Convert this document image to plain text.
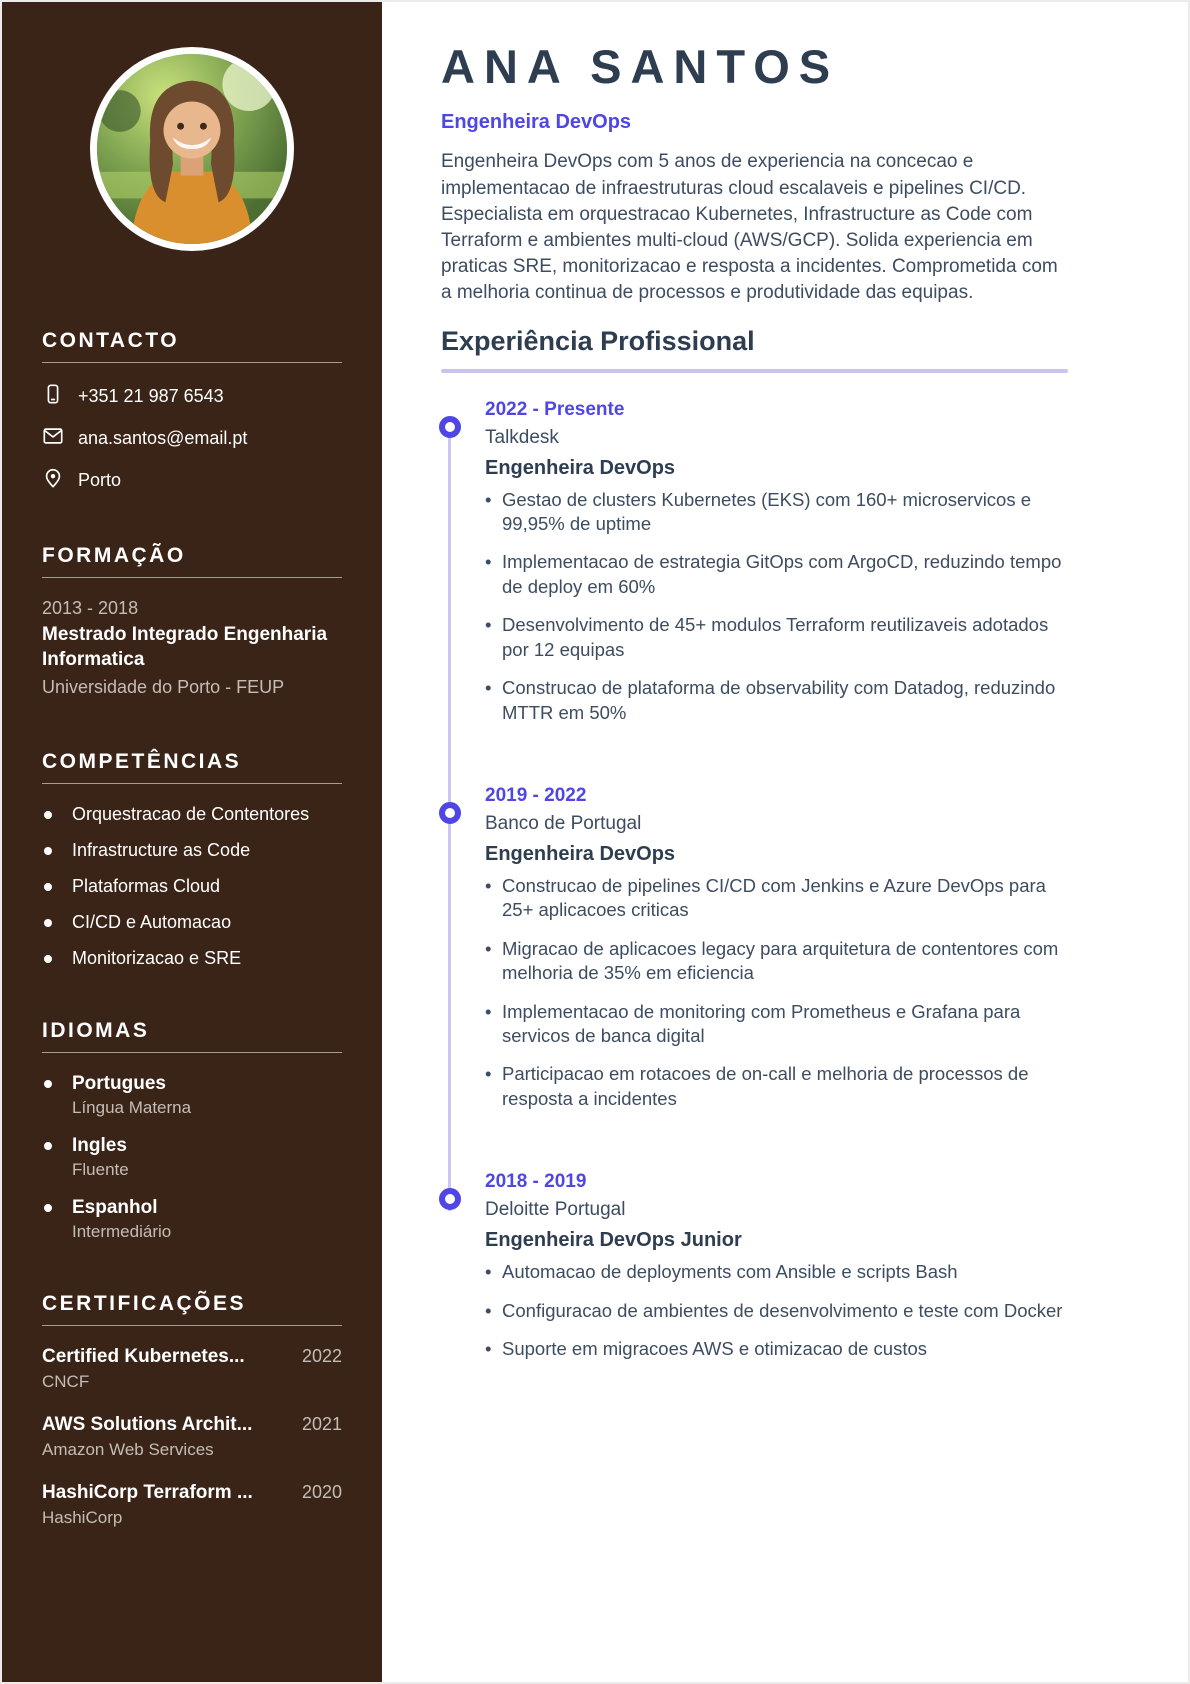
CONTACTO
+351 21 987 6543
ana.santos@email.pt
Porto
FORMAÇÃO
2013 - 2018
Mestrado Integrado Engenharia Informatica
Universidade do Porto - FEUP
COMPETÊNCIAS
Orquestracao de Contentores
Infrastructure as Code
Plataformas Cloud
CI/CD e Automacao
Monitorizacao e SRE
IDIOMAS
Portugues
Língua Materna
Ingles
Fluente
Espanhol
Intermediário
CERTIFICAÇÕES
Certified Kubernetes...	2022
CNCF
AWS Solutions Archit...	2021
Amazon Web Services
HashiCorp Terraform ...	2020
HashiCorp
ANA SANTOS
Engenheira DevOps

Engenheira DevOps com 5 anos de experiencia na concecao e implementacao de infraestruturas cloud escalaveis e pipelines CI/CD. Especialista em orquestracao Kubernetes, Infrastructure as Code com Terraform e ambientes multi-cloud (AWS/GCP). Solida experiencia em praticas SRE, monitorizacao e resposta a incidentes. Comprometida com a melhoria continua de processos e produtividade das equipas.

Experiência Profissional
2022 - Presente
Talkdesk
Engenheira DevOps
• Gestao de clusters Kubernetes (EKS) com 160+ microservicos e 99,95% de uptime
• Implementacao de estrategia GitOps com ArgoCD, reduzindo tempo de deploy em 60%
• Desenvolvimento de 45+ modulos Terraform reutilizaveis adotados por 12 equipas
• Construcao de plataforma de observability com Datadog, reduzindo MTTR em 50%
2019 - 2022
Banco de Portugal
Engenheira DevOps
• Construcao de pipelines CI/CD com Jenkins e Azure DevOps para 25+ aplicacoes criticas
• Migracao de aplicacoes legacy para arquitetura de contentores com melhoria de 35% em eficiencia
• Implementacao de monitoring com Prometheus e Grafana para servicos de banca digital
• Participacao em rotacoes de on-call e melhoria de processos de resposta a incidentes
2018 - 2019
Deloitte Portugal
Engenheira DevOps Junior
• Automacao de deployments com Ansible e scripts Bash
• Configuracao de ambientes de desenvolvimento e teste com Docker
• Suporte em migracoes AWS e otimizacao de custos
